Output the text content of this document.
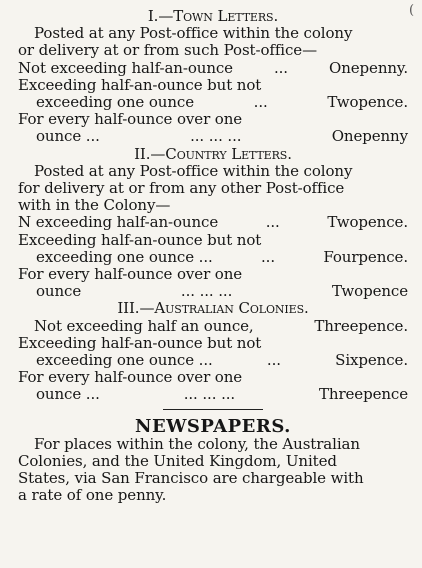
(
I.—Town Letters.
Posted at any Post-office within the colony
or delivery at or from such Post-office—
Not exceeding half-an-ounce	...	Onepenny.
Exceeding half-an-ounce but not
exceeding one ounce	...	Twopence.
For every half-ounce over one
ounce ...	... ... ...	Onepenny
II.—Country Letters.
Posted at any Post-office within the colony
for delivery at or from any other Post-office
with in the Colony—
N exceeding half-an-ounce	...	Twopence.
Exceeding half-an-ounce but not
exceeding one ounce ...	...	Fourpence.
For every half-ounce over one
ounce	... ... ...	Twopence
III.—Australian Colonies.
Not exceeding half an ounce,	Threepence.
Exceeding half-an-ounce but not
exceeding one ounce ...	...	Sixpence.
For every half-ounce over one
ounce ...	... ... ...	Threepence
NEWSPAPERS.
For places within the colony, the Australian
Colonies, and the United Kingdom, United
States, via San Francisco are chargeable with
a rate of one penny.
